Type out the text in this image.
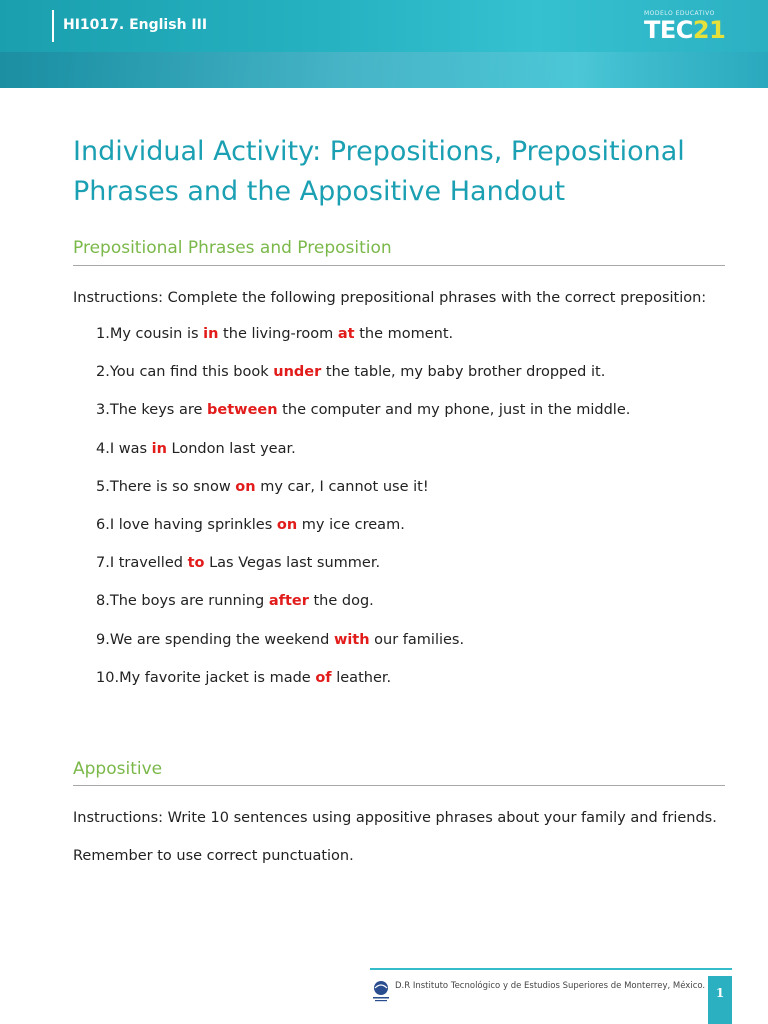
HI1017. English III
MODELO EDUCATIVO
TEC21
Individual Activity: Prepositions, Prepositional Phrases and the Appositive Handout
Prepositional Phrases and Preposition
Instructions: Complete the following prepositional phrases with the correct preposition:
1.My cousin is in the living-room at the moment.
2.You can find this book under the table, my baby brother dropped it.
3.The keys are between the computer and my phone, just in the middle.
4.I was in London last year.
5.There is so snow on my car, I cannot use it!
6.I love having sprinkles on my ice cream.
7.I travelled to Las Vegas last summer.
8.The boys are running after the dog.
9.We are spending the weekend with our families.
10.My favorite jacket is made of leather.
Appositive
Instructions: Write 10 sentences using appositive phrases about your family and friends.
Remember to use correct punctuation.
D.R Instituto Tecnológico y de Estudios Superiores de Monterrey, México. 1
